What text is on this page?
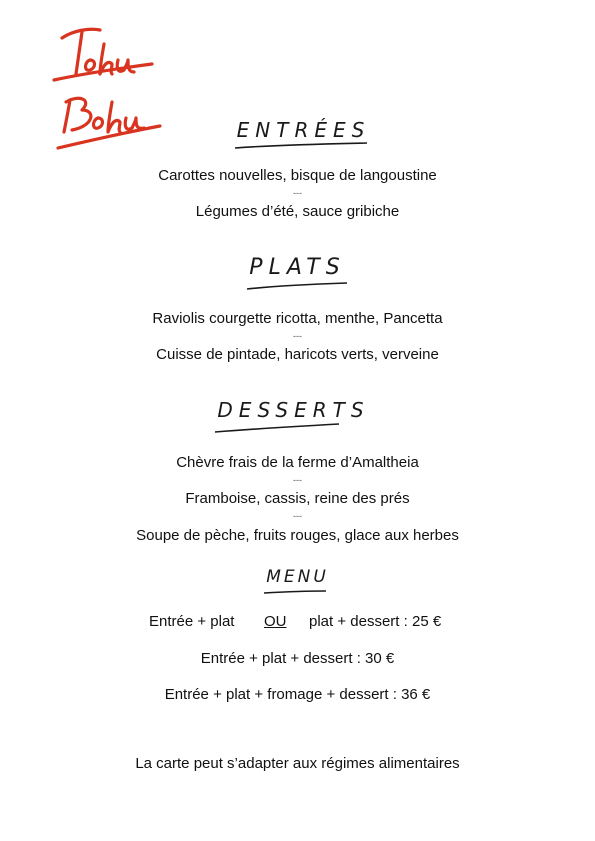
ENTRÉES
Carottes nouvelles, bisque de langoustine
---
Légumes d’été, sauce gribiche
PLATS
Raviolis courgette ricotta, menthe, Pancetta
---
Cuisse de pintade, haricots verts, verveine
DESSERTS
Chèvre frais de la ferme d’Amaltheia
---
Framboise, cassis, reine des prés
---
Soupe de pèche, fruits rouges, glace aux herbes
MENU
Entrée + plat OU plat + dessert : 25 €
Entrée + plat + dessert : 30 €
Entrée + plat + fromage + dessert : 36 €
La carte peut s’adapter aux régimes alimentaires
